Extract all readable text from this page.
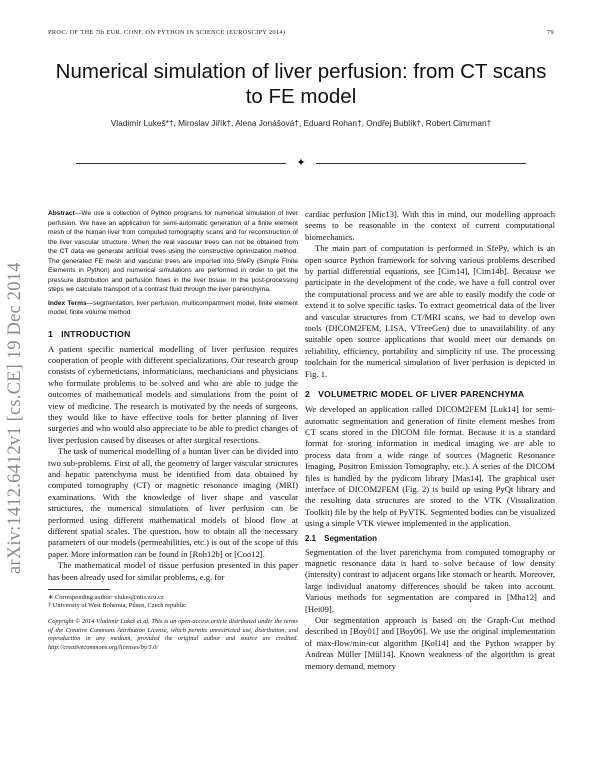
PROC. OF THE 7th EUR. CONF. ON PYTHON IN SCIENCE (EUROSCIPY 2014)	79
Numerical simulation of liver perfusion: from CT scans to FE model
Vladimír Lukeš*†, Miroslav Jiřík†, Alena Jonášová†, Eduard Rohan†, Ondřej Bublík†, Robert Cimrman†
✦
arXiv:1412.6412v1 [cs.CE] 19 Dec 2014

Abstract—We use a collection of Python programs for numerical simulation of liver perfusion. We have an application for semi-automatic generation of a finite element mesh of the human liver from computed tomography scans and for reconstruction of the liver vascular structure. When the real vascular trees can not be obtained from the CT data we generate artificial trees using the constructive optimization method. The generated FE mesh and vascular trees are imported into SfePy (Simple Finite Elements in Python) and numerical simulations are performed in order to get the pressure distribution and perfusion flows in the liver tissue. In the post-processing steps we calculate transport of a contrast fluid through the liver parenchyma.

Index Terms—segmentation, liver perfusion, multicompartment model, finite element model, finite volume method

1 INTRODUCTION

A patient specific numerical modelling of liver perfusion requires cooperation of people with different specializations. Our research group consists of cyberneticians, informaticians, mechanicians and physicians who formulate problems to be solved and who are able to judge the outcomes of mathematical models and simulations from the point of view of medicine. The research is motivated by the needs of surgeons, they would like to have effective tools for better planning of liver surgeries and who would also appreciate to be able to predict changes of liver perfusion caused by diseases or after surgical resections.

The task of numerical modelling of a human liver can be divided into two sub-problems. First of all, the geometry of larger vascular structures and hepatic parenchyma must be identified from data obtained by computed tomography (CT) or magnetic resonance imaging (MRI) examinations. With the knowledge of liver shape and vascular structures, the numerical simulations of liver perfusion can be performed using different mathematical models of blood flow at different spatial scales. The question, how to obtain all the necessary parameters of our models (permeabilities, etc.) is out of the scope of this paper. More information can be found in [Roh12b] or [Coo12].

The mathematical model of tissue perfusion presented in this paper has been already used for similar problems, e.g. for

∗ Corresponding author: vlukes@ntis.zcu.cz

† University of West Bohemia, Pilsen, Czech republic

Copyright © 2014 Vladimír Lukeš et al. This is an open-access article distributed under the terms of the Creative Commons Attribution License, which permits unrestricted use, distribution, and reproduction in any medium, provided the original author and source are credited. http://creativecommons.org/licenses/by/3.0/

cardiac perfusion [Mic13]. With this in mind, our modelling approach seems to be reasonable in the context of current computational biomechanics.

The main part of computation is performed in SfePy, which is an open source Python framework for solving various problems described by partial differential equations, see [Cim14], [Cim14b]. Because we participate in the development of the code, we have a full control over the computational process and we are able to easily modify the code or extend it to solve specific tasks. To extract geometrical data of the liver and vascular structures from CT/MRI scans, we had to develop own tools (DICOM2FEM, LISA, VTreeGen) due to unavailability of any suitable open source applications that would meet our demands on reliability, efficiency, portability and simplicity of use. The processing toolchain for the numerical simulation of liver perfusion is depicted in Fig. 1.

2 VOLUMETRIC MODEL OF LIVER PARENCHYMA

We developed an application called DICOM2FEM [Luk14] for semi-automatic segmentation and generation of finite element meshes from CT scans stored in the DICOM file format. Because it is a standard format for storing information in medical imaging we are able to process data from a wide range of sources (Magnetic Resonance Imaging, Positron Emission Tomography, etc.). A series of the DICOM files is handled by the pydicom library [Mas14]. The graphical user interface of DICOM2FEM (Fig. 2) is build up using PyQt library and the resulting data structures are stored to the VTK (Visualization Toolkit) file by the help of PyVTK. Segmented bodies can be visualized using a simple VTK viewer implemented in the application.

2.1 Segmentation

Segmentation of the liver parenchyma from computed tomography or magnetic resonance data is hard to solve because of low density (intensity) contrast to adjacent organs like stomach or hearth. Moreover, large individual anatomy differences should be taken into account. Various methods for segmentation are compared in [Mha12] and [Hei09].

Our segmentation approach is based on the Graph-Cut method described in [Boy01] and [Boy06]. We use the original implementation of max-flow/min-cut algorithm [Kol14] and the Python wrapper by Andreas Müller [Mül14]. Known weakness of the algorithm is great memory demand, memory
